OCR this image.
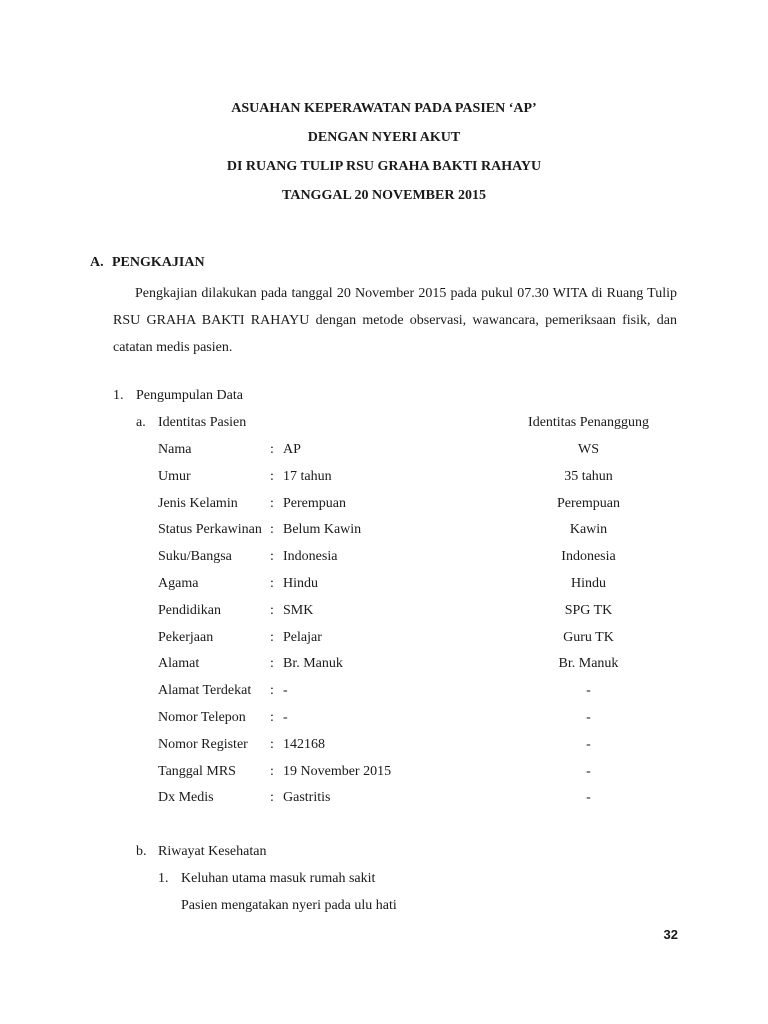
ASUAHAN KEPERAWATAN PADA PASIEN ‘AP’
DENGAN NYERI AKUT
DI RUANG TULIP RSU GRAHA BAKTI RAHAYU
TANGGAL 20 NOVEMBER 2015
A. PENGKAJIAN

Pengkajian dilakukan pada tanggal 20 November 2015 pada pukul 07.30 WITA di Ruang Tulip RSU GRAHA BAKTI RAHAYU dengan metode observasi, wawancara, pemeriksaan fisik, dan catatan medis pasien.

1. Pengumpulan Data
a. Identitas Pasien	Identitas Penanggung
Nama	: AP	WS
Umur	: 17 tahun	35 tahun
Jenis Kelamin : Perempuan	Perempuan
Status Perkawinan : Belum Kawin	Kawin
Suku/Bangsa	: Indonesia	Indonesia
Agama	: Hindu	Hindu
Pendidikan	: SMK	SPG TK
Pekerjaan	: Pelajar	Guru TK
Alamat	: Br. Manuk	Br. Manuk
Alamat Terdekat : -	-
Nomor Telepon : -	-
Nomor Register : 142168	-
Tanggal MRS : 19 November 2015	-
Dx Medis	: Gastritis	-
b. Riwayat Kesehatan
1. Keluhan utama masuk rumah sakit
Pasien mengatakan nyeri pada ulu hati
32
